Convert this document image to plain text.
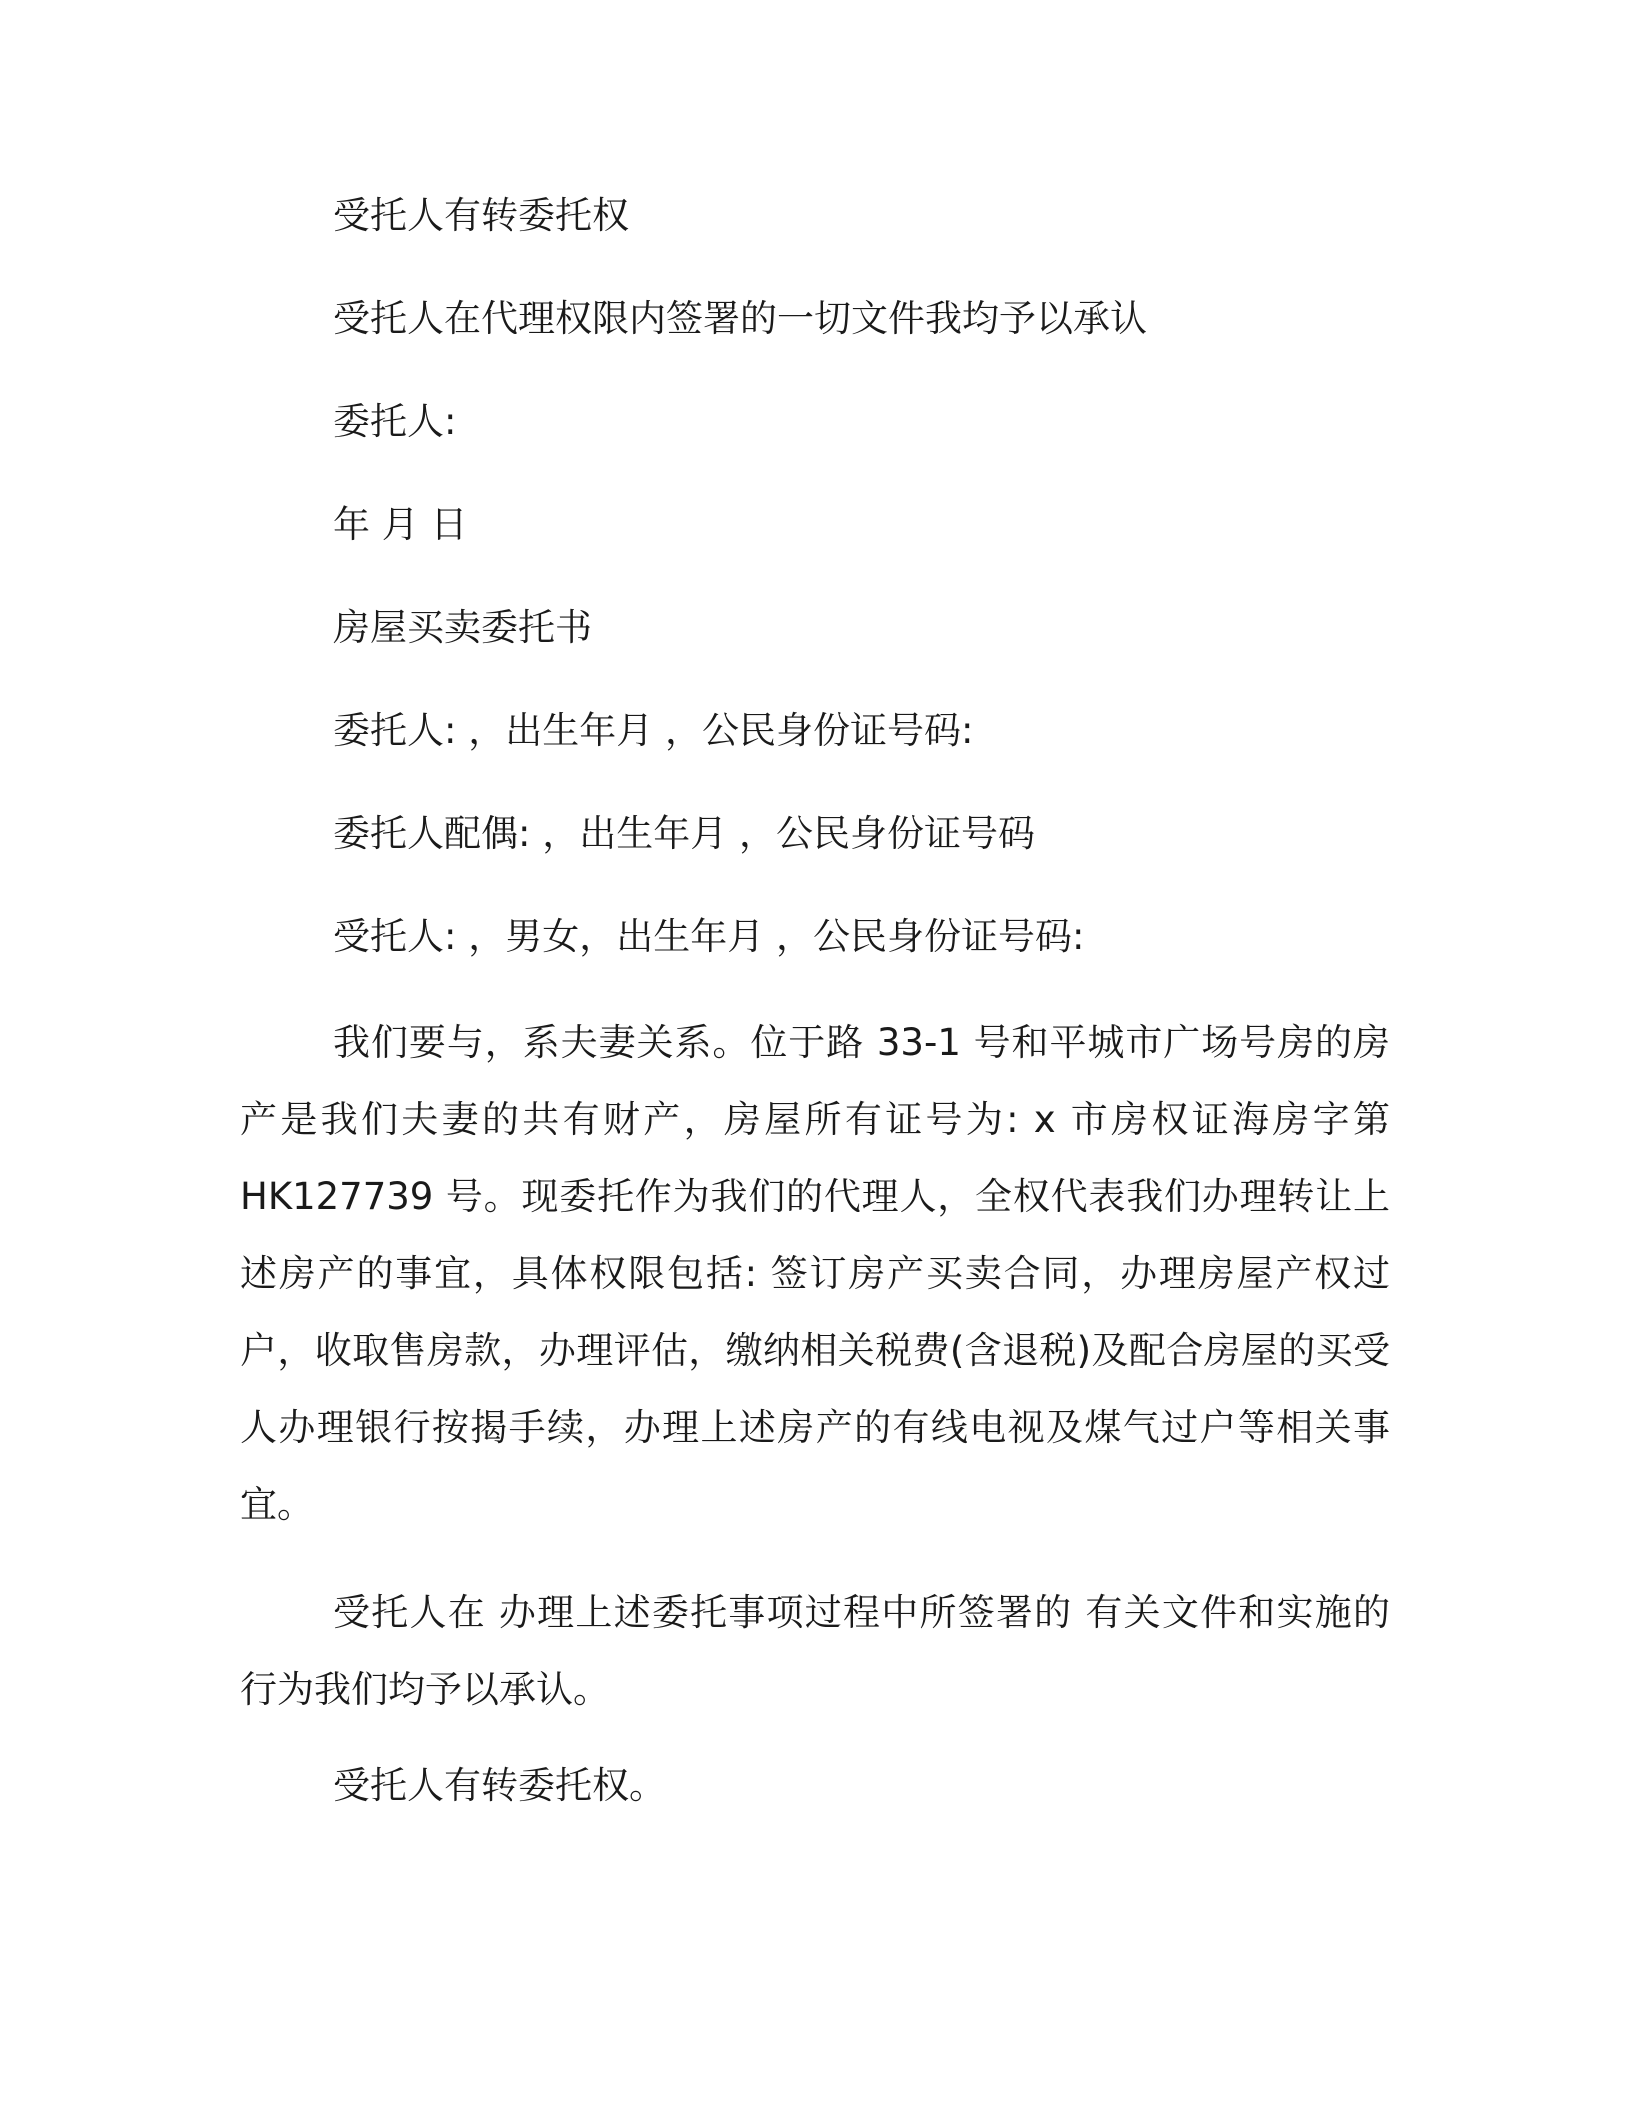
受托人有转委托权
受托人在代理权限内签署的一切文件我均予以承认
委托人:
年 月 日
房屋买卖委托书
委托人: ，出生年月 ，公民身份证号码:
委托人配偶: ，出生年月 ，公民身份证号码
受托人: ，男女，出生年月 ，公民身份证号码:
我们要与，系夫妻关系。位于路 33-1 号和平城市广场号房的房产是我们夫妻的共有财产，房屋所有证号为: x 市房权证海房字第 HK127739 号。现委托作为我们的代理人，全权代表我们办理转让上述房产的事宜，具体权限包括: 签订房产买卖合同，办理房屋产权过户，收取售房款，办理评估，缴纳相关税费(含退税)及配合房屋的买受人办理银行按揭手续，办理上述房产的有线电视及煤气过户等相关事宜。
受托人在 办理上述委托事项过程中所签署的 有关文件和实施的行为我们均予以承认。
受托人有转委托权。
